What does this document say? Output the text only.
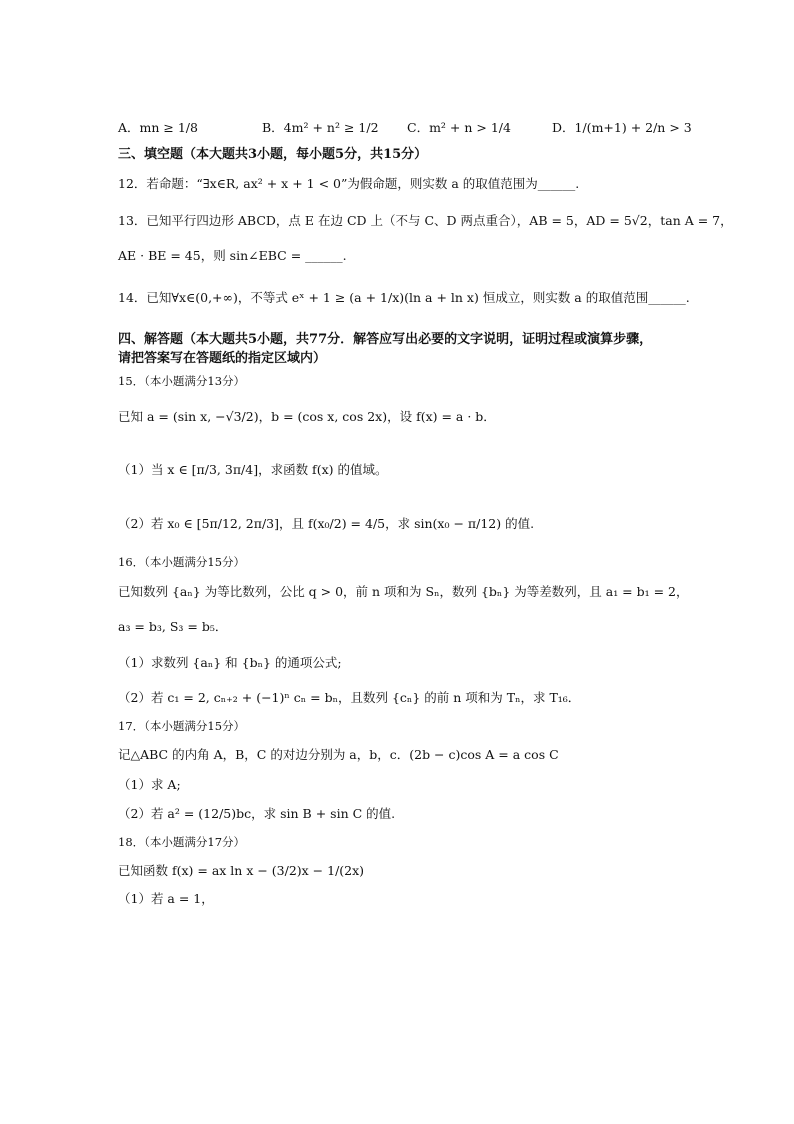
A．mn ≥ 1/8	B．4m² + n² ≥ 1/2 C．m² + n > 1/4	D．1/(m+1) + 2/n > 3
三、填空题（本大题共3小题，每小题5分，共15分）
12．若命题：“∃x∈R, ax² + x + 1 < 0”为假命题，则实数 a 的取值范围为______.
13．已知平行四边形 ABCD，点 E 在边 CD 上（不与 C、D 两点重合），AB = 5，AD = 5√2，tan A = 7，
AE · BE = 45，则 sin∠EBC = ______.
14．已知∀x∈(0,+∞)，不等式 eˣ + 1 ≥ (a + 1/x)(ln a + ln x) 恒成立，则实数 a 的取值范围______.
四、解答题（本大题共5小题，共77分．解答应写出必要的文字说明，证明过程或演算步骤，
请把答案写在答题纸的指定区域内）
15．（本小题满分13分）
已知 a = (sin x, −√3/2)，b = (cos x, cos 2x)，设 f(x) = a · b．
（1）当 x ∈ [π/3, 3π/4]，求函数 f(x) 的值域。
（2）若 x₀ ∈ [5π/12, 2π/3]，且 f(x₀/2) = 4/5，求 sin(x₀ − π/12) 的值.
16．（本小题满分15分）
已知数列 {aₙ} 为等比数列，公比 q > 0，前 n 项和为 Sₙ，数列 {bₙ} 为等差数列，且 a₁ = b₁ = 2，
a₃ = b₃, S₃ = b₅．
（1）求数列 {aₙ} 和 {bₙ} 的通项公式;
（2）若 c₁ = 2, cₙ₊₂ + (−1)ⁿ cₙ = bₙ，且数列 {cₙ} 的前 n 项和为 Tₙ，求 T₁₆．
17．（本小题满分15分）
记△ABC 的内角 A，B，C 的对边分别为 a，b，c．(2b − c)cos A = a cos C
（1）求 A;
（2）若 a² = (12/5)bc，求 sin B + sin C 的值.
18．（本小题满分17分）
已知函数 f(x) = ax ln x − (3/2)x − 1/(2x)
（1）若 a = 1，
